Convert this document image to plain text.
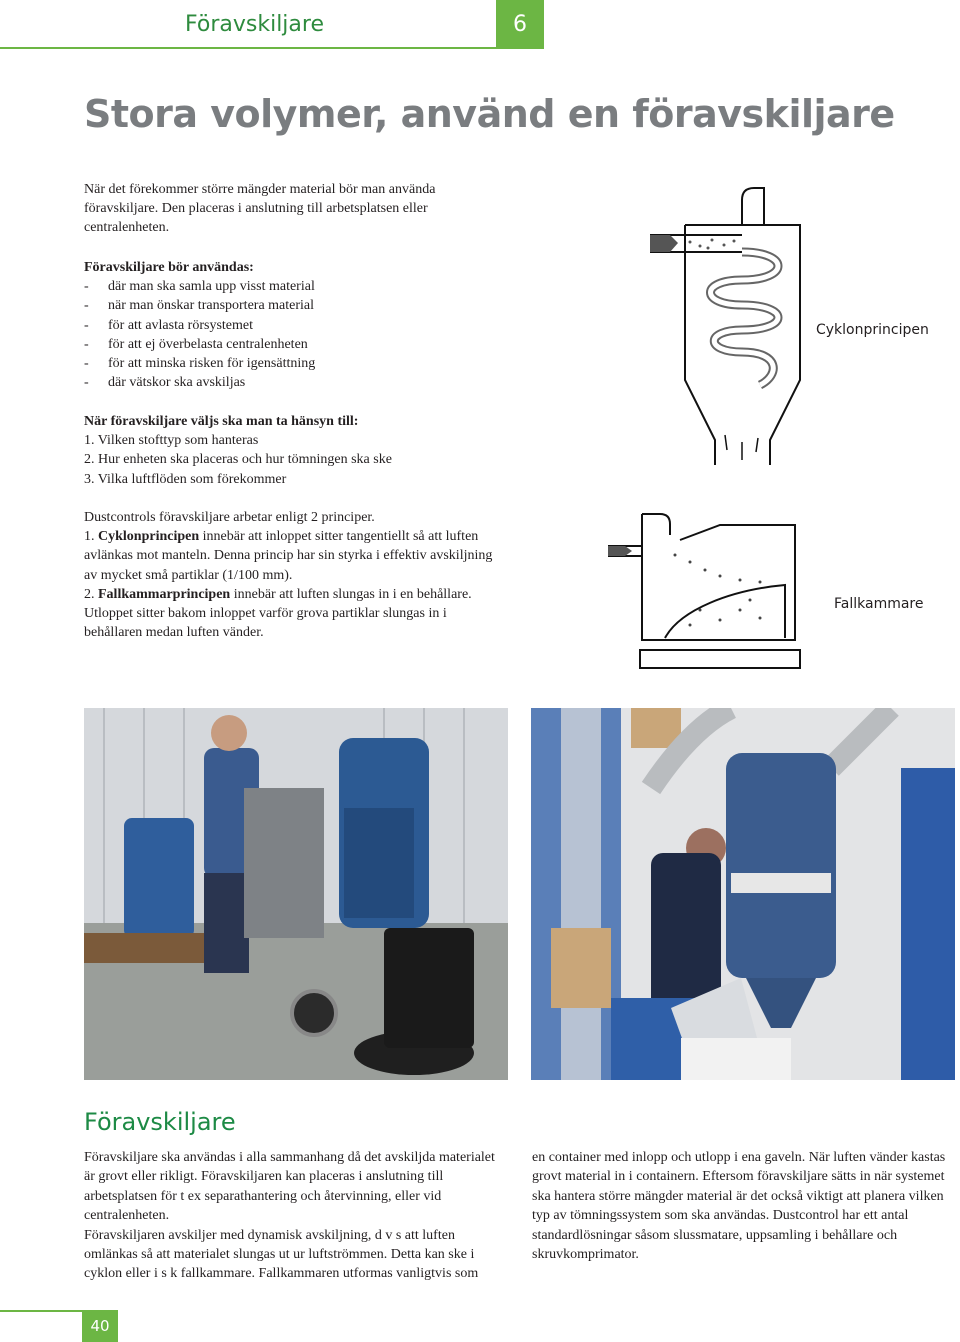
Föravskiljare	6
Stora volymer, använd en föravskiljare

När det förekommer större mängder material bör man använda föravskiljare. Den placeras i anslutning till arbetsplatsen eller centralenheten.

Föravskiljare bör användas:

-	där man ska samla upp visst material
-	när man önskar transportera material
-	för att avlasta rörsystemet
-	för att ej överbelasta centralenheten
-	för att minska risken för igensättning
-	där vätskor ska avskiljas

När föravskiljare väljs ska man ta hänsyn till:

1. Vilken stofttyp som hanteras

2. Hur enheten ska placeras och hur tömningen ska ske

3. Vilka luftflöden som förekommer

Dustcontrols föravskiljare arbetar enligt 2 principer.

1. Cyklonprincipen innebär att inloppet sitter tangentiellt så att luften avlänkas mot manteln. Denna princip har sin styrka i effektiv avskiljning av mycket små partiklar (1/100 mm).

2. Fallkammarprincipen innebär att luften slungas in i en behållare. Utloppet sitter bakom inloppet varför grova partiklar slungas in i behållaren medan luften vänder.

Cyklonprincipen
Fallkammare
Föravskiljare

Föravskiljare ska användas i alla sammanhang då det avskiljda materialet är grovt eller rikligt. Föravskiljaren kan placeras i anslutning till arbetsplatsen för t ex separathantering och återvinning, eller vid centralenheten.

Föravskiljaren avskiljer med dynamisk avskiljning, d v s att luften omlänkas så att materialet slungas ut ur luftströmmen. Detta kan ske i cyklon eller i s k fallkammare. Fallkammaren utformas vanligtvis som

en container med inlopp och utlopp i ena gaveln. När luften vänder kastas grovt material in i containern. Eftersom föravskiljare sätts in när systemet ska hantera större mängder material är det också viktigt att planera vilken typ av tömningssystem som ska användas. Dustcontrol har ett antal standardlösningar såsom slussmatare, uppsamling i behållare och skruvkomprimator.

40
